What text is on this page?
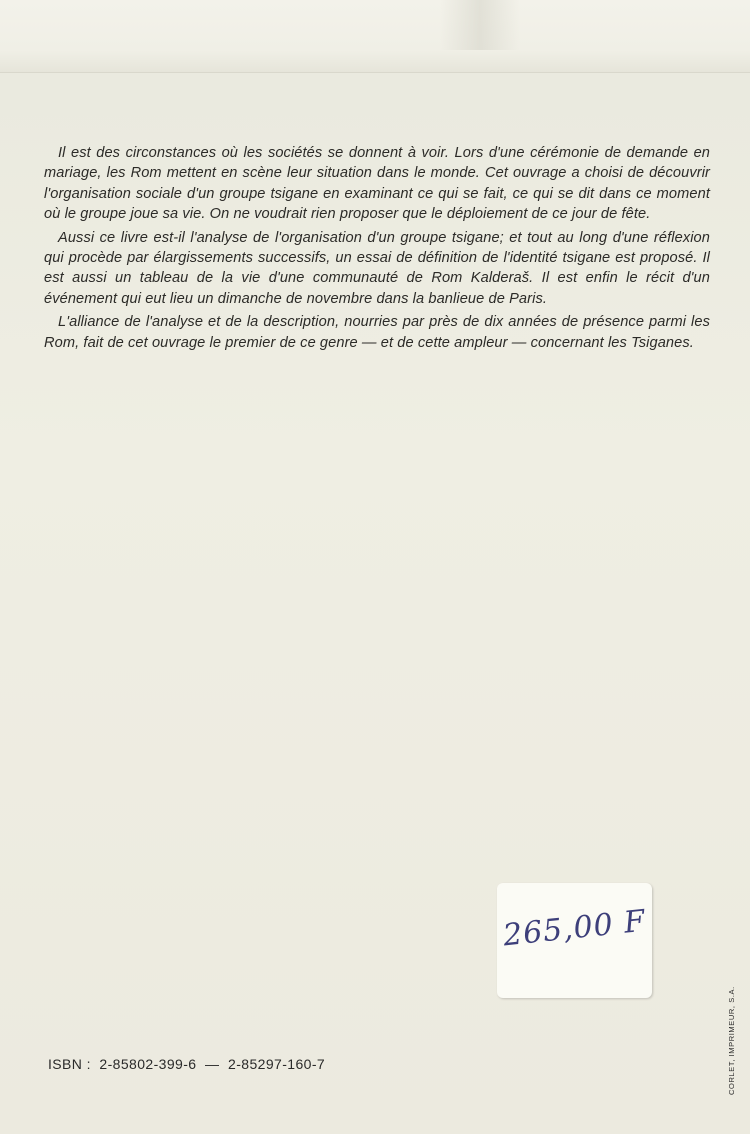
Il est des circonstances où les sociétés se donnent à voir. Lors d'une cérémonie de demande en mariage, les Rom mettent en scène leur situation dans le monde. Cet ouvrage a choisi de découvrir l'organisation sociale d'un groupe tsigane en examinant ce qui se fait, ce qui se dit dans ce moment où le groupe joue sa vie. On ne voudrait rien proposer que le déploiement de ce jour de fête.

Aussi ce livre est-il l'analyse de l'organisation d'un groupe tsigane; et tout au long d'une réflexion qui procède par élargissements successifs, un essai de définition de l'identité tsigane est proposé. Il est aussi un tableau de la vie d'une communauté de Rom Kalderaš. Il est enfin le récit d'un événement qui eut lieu un dimanche de novembre dans la banlieue de Paris.

L'alliance de l'analyse et de la description, nourries par près de dix années de présence parmi les Rom, fait de cet ouvrage le premier de ce genre — et de cette ampleur — concernant les Tsiganes.

265,00 F
ISBN :  2-85802-399-6  —  2-85297-160-7	CORLET, IMPRIMEUR, S.A.
